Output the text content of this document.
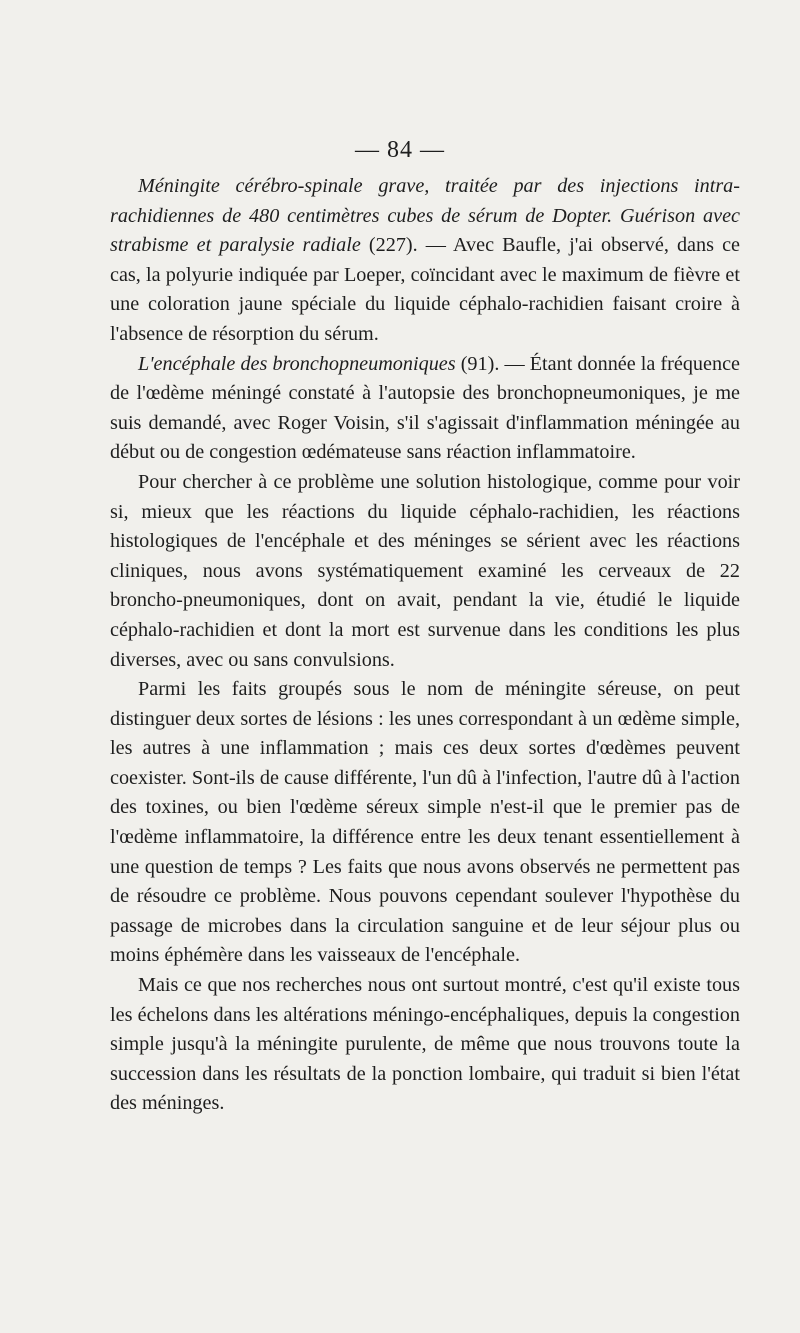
— 84 —

Méningite cérébro-spinale grave, traitée par des injections intra-rachidiennes de 480 centimètres cubes de sérum de Dopter. Guérison avec strabisme et paralysie radiale (227). — Avec Baufle, j'ai observé, dans ce cas, la polyurie indiquée par Loeper, coïncidant avec le maximum de fièvre et une coloration jaune spéciale du liquide céphalo-rachidien faisant croire à l'absence de résorption du sérum.

L'encéphale des bronchopneumoniques (91). — Étant donnée la fréquence de l'œdème méningé constaté à l'autopsie des bronchopneumoniques, je me suis demandé, avec Roger Voisin, s'il s'agissait d'inflammation méningée au début ou de congestion œdémateuse sans réaction inflammatoire.

Pour chercher à ce problème une solution histologique, comme pour voir si, mieux que les réactions du liquide céphalo-rachidien, les réactions histologiques de l'encéphale et des méninges se sérient avec les réactions cliniques, nous avons systématiquement examiné les cerveaux de 22 broncho-pneumoniques, dont on avait, pendant la vie, étudié le liquide céphalo-rachidien et dont la mort est survenue dans les conditions les plus diverses, avec ou sans convulsions.

Parmi les faits groupés sous le nom de méningite séreuse, on peut distinguer deux sortes de lésions : les unes correspondant à un œdème simple, les autres à une inflammation ; mais ces deux sortes d'œdèmes peuvent coexister. Sont-ils de cause différente, l'un dû à l'infection, l'autre dû à l'action des toxines, ou bien l'œdème séreux simple n'est-il que le premier pas de l'œdème inflammatoire, la différence entre les deux tenant essentiellement à une question de temps ? Les faits que nous avons observés ne permettent pas de résoudre ce problème. Nous pouvons cependant soulever l'hypothèse du passage de microbes dans la circulation sanguine et de leur séjour plus ou moins éphémère dans les vaisseaux de l'encéphale.

Mais ce que nos recherches nous ont surtout montré, c'est qu'il existe tous les échelons dans les altérations méningo-encéphaliques, depuis la congestion simple jusqu'à la méningite purulente, de même que nous trouvons toute la succession dans les résultats de la ponction lombaire, qui traduit si bien l'état des méninges.
